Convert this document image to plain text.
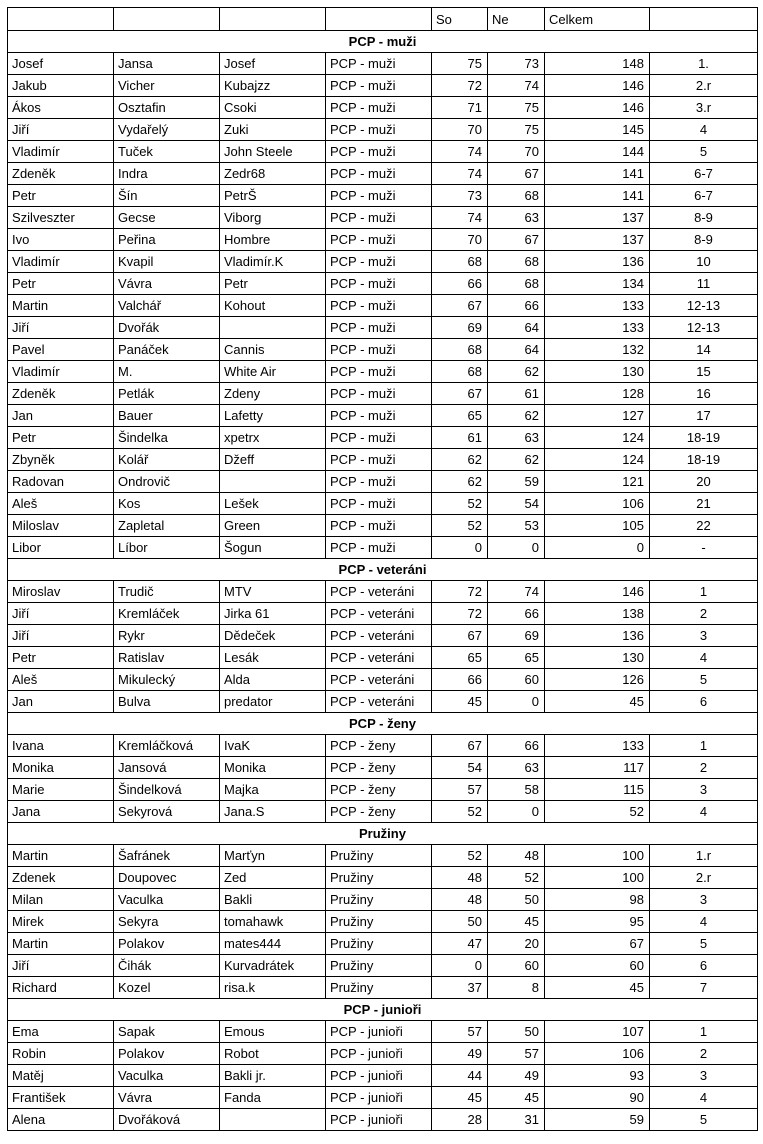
				So	Ne	Celkem	
PCP - muži							
Josef	Jansa	Josef	PCP - muži	75	73	148	1.
Jakub	Vicher	Kubajzz	PCP - muži	72	74	146	2.r
Ákos	Osztafin	Csoki	PCP - muži	71	75	146	3.r
Jiří	Vydařelý	Zuki	PCP - muži	70	75	145	4
Vladimír	Tuček	John Steele	PCP - muži	74	70	144	5
Zdeněk	Indra	Zedr68	PCP - muži	74	67	141	6-7
Petr	Šín	PetrŠ	PCP - muži	73	68	141	6-7
Szilveszter	Gecse	Viborg	PCP - muži	74	63	137	8-9
Ivo	Peřina	Hombre	PCP - muži	70	67	137	8-9
Vladimír	Kvapil	Vladimír.K	PCP - muži	68	68	136	10
Petr	Vávra	Petr	PCP - muži	66	68	134	11
Martin	Valchář	Kohout	PCP - muži	67	66	133	12-13
Jiří	Dvořák		PCP - muži	69	64	133	12-13
Pavel	Panáček	Cannis	PCP - muži	68	64	132	14
Vladimír	M.	White Air	PCP - muži	68	62	130	15
Zdeněk	Petlák	Zdeny	PCP - muži	67	61	128	16
Jan	Bauer	Lafetty	PCP - muži	65	62	127	17
Petr	Šindelka	xpetrx	PCP - muži	61	63	124	18-19
Zbyněk	Kolář	Džeff	PCP - muži	62	62	124	18-19
Radovan	Ondrovič		PCP - muži	62	59	121	20
Aleš	Kos	Lešek	PCP - muži	52	54	106	21
Miloslav	Zapletal	Green	PCP - muži	52	53	105	22
Libor	Líbor	Šogun	PCP - muži	0	0	0	-
PCP - veteráni							
Miroslav	Trudič	MTV	PCP - veteráni	72	74	146	1
Jiří	Kremláček	Jirka 61	PCP - veteráni	72	66	138	2
Jiří	Rykr	Dědeček	PCP - veteráni	67	69	136	3
Petr	Ratislav	Lesák	PCP - veteráni	65	65	130	4
Aleš	Mikulecký	Alda	PCP - veteráni	66	60	126	5
Jan	Bulva	predator	PCP - veteráni	45	0	45	6
PCP - ženy							
Ivana	Kremláčková	IvaK	PCP - ženy	67	66	133	1
Monika	Jansová	Monika	PCP - ženy	54	63	117	2
Marie	Šindelková	Majka	PCP - ženy	57	58	115	3
Jana	Sekyrová	Jana.S	PCP - ženy	52	0	52	4
Pružiny							
Martin	Šafránek	Marťyn	Pružiny	52	48	100	1.r
Zdenek	Doupovec	Zed	Pružiny	48	52	100	2.r
Milan	Vaculka	Bakli	Pružiny	48	50	98	3
Mirek	Sekyra	tomahawk	Pružiny	50	45	95	4
Martin	Polakov	mates444	Pružiny	47	20	67	5
Jiří	Čihák	Kurvadrátek	Pružiny	0	60	60	6
Richard	Kozel	risa.k	Pružiny	37	8	45	7
PCP - junioři							
Ema	Sapak	Emous	PCP - junioři	57	50	107	1
Robin	Polakov	Robot	PCP - junioři	49	57	106	2
Matěj	Vaculka	Bakli jr.	PCP - junioři	44	49	93	3
František	Vávra	Fanda	PCP - junioři	45	45	90	4
Alena	Dvořáková		PCP - junioři	28	31	59	5
